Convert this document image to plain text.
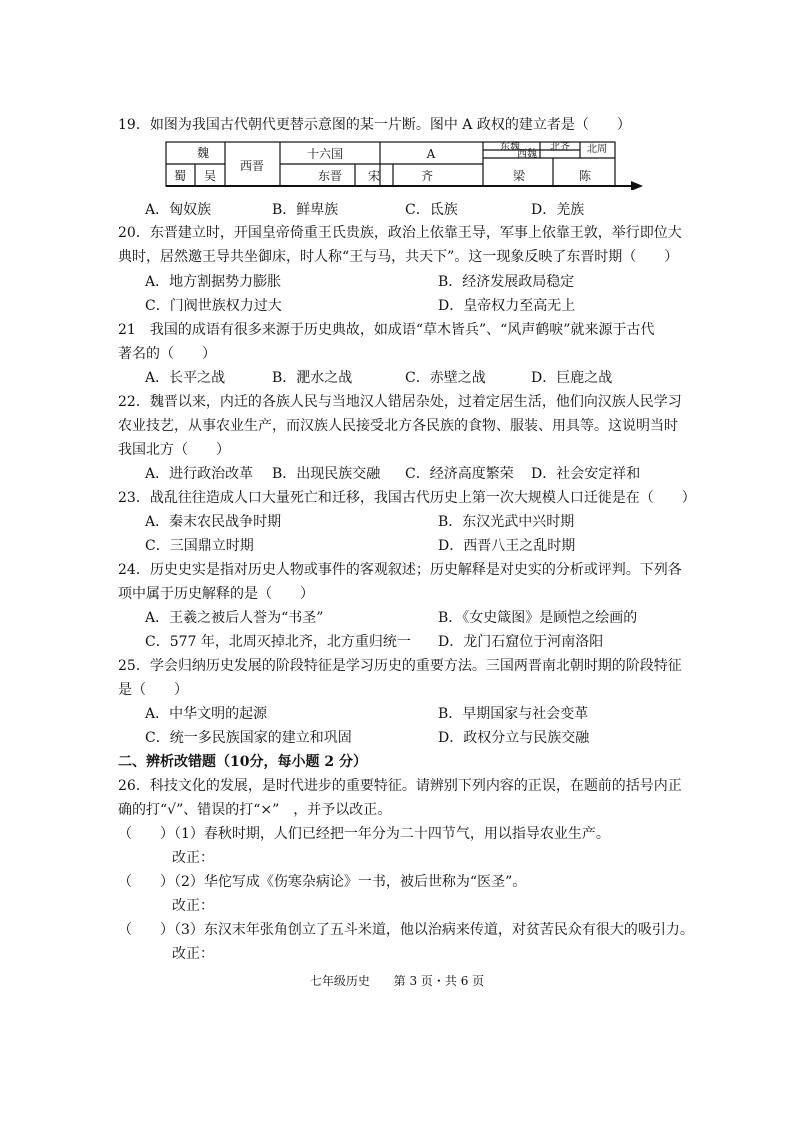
19．如图为我国古代朝代更替示意图的某一片断。图中 A 政权的建立者是（　　）
魏
蜀 吴
西晋
十六国	A	东魏	北齐 北周
西魏
东晋 宋	齐	梁	陈
A．匈奴族	B．鲜卑族	C．氐族	D．羌族
20．东晋建立时，开国皇帝倚重王氏贵族，政治上依靠王导，军事上依靠王敦，举行即位大
典时，居然邀王导共坐御床，时人称“王与马，共天下”。这一现象反映了东晋时期（　　）
A．地方割据势力膨胀	B．经济发展政局稳定
C．门阀世族权力过大	D．皇帝权力至高无上
21　我国的成语有很多来源于历史典故，如成语“草木皆兵”、“风声鹤唳”就来源于古代
著名的（　　）
A．长平之战	B．淝水之战	C．赤壁之战	D．巨鹿之战
22．魏晋以来，内迁的各族人民与当地汉人错居杂处，过着定居生活，他们向汉族人民学习
农业技艺，从事农业生产，而汉族人民接受北方各民族的食物、服装、用具等。这说明当时
我国北方（　　）
A．进行政治改革 B．出现民族交融 C．经济高度繁荣 D．社会安定祥和
23．战乱往往造成人口大量死亡和迁移，我国古代历史上第一次大规模人口迁徙是在（　　）
A．秦末农民战争时期	B．东汉光武中兴时期
C．三国鼎立时期	D．西晋八王之乱时期
24．历史史实是指对历史人物或事件的客观叙述；历史解释是对史实的分析或评判。下列各
项中属于历史解释的是（　　）
A．王羲之被后人誉为“书圣”	B．《女史箴图》是顾恺之绘画的
C．577 年，北周灭掉北齐，北方重归统一 D．龙门石窟位于河南洛阳
25．学会归纳历史发展的阶段特征是学习历史的重要方法。三国两晋南北朝时期的阶段特征
是（　　）
A．中华文明的起源	B．早期国家与社会变革
C．统一多民族国家的建立和巩固	D．政权分立与民族交融
二、辨析改错题（10分，每小题 2 分）
26．科技文化的发展，是时代进步的重要特征。请辨别下列内容的正误，在题前的括号内正
确的打“√”、错误的打“×”　，并予以改正。
（　　）（1）春秋时期，人们已经把一年分为二十四节气，用以指导农业生产。
改正：
（　　）（2）华佗写成《伤寒杂病论》一书，被后世称为“医圣”。
改正：
（　　）（3）东汉末年张角创立了五斗米道，他以治病来传道，对贫苦民众有很大的吸引力。
改正：
七年级历史 第 3 页・共 6 页
